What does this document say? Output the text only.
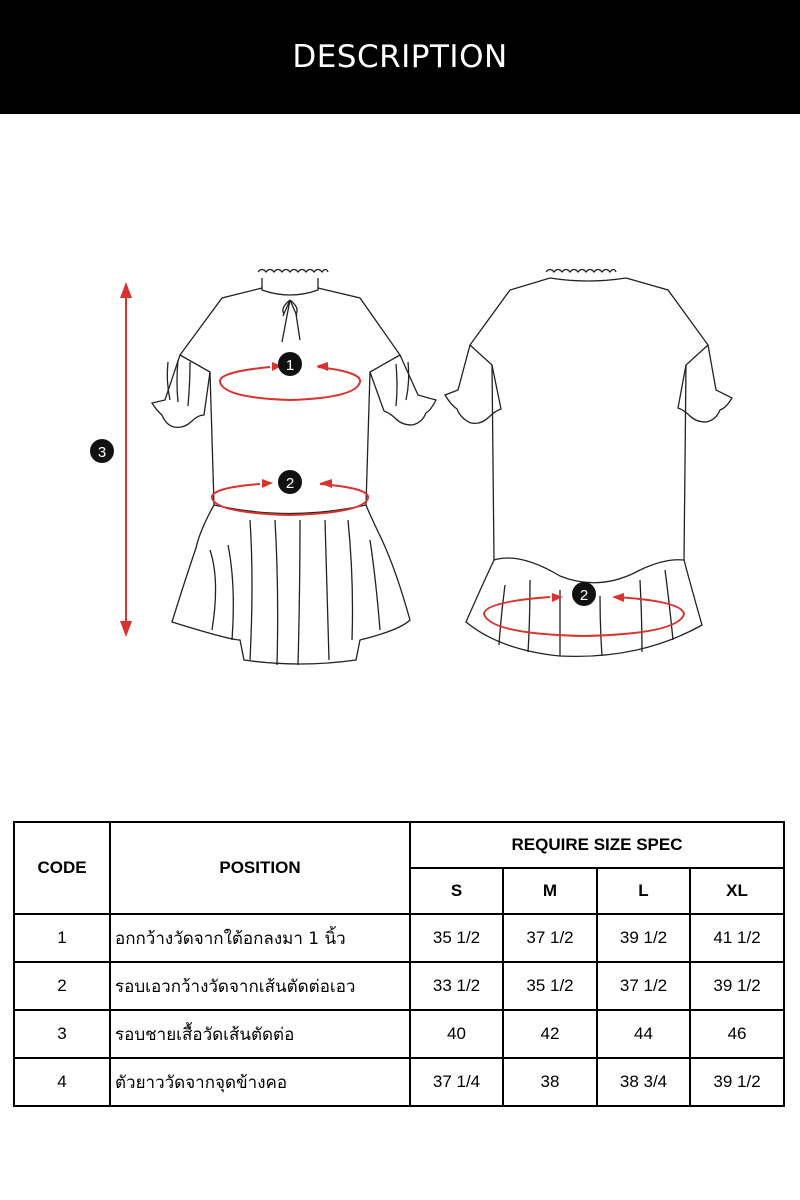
DESCRIPTION
1
2
2
3
CODE	POSITION	REQUIRE SIZE SPEC			
		S	M	L	XL
1	อกกว้างวัดจากใต้อกลงมา 1 นิ้ว	35 1/2	37 1/2	39 1/2	41 1/2
2	รอบเอวกว้างวัดจากเส้นตัดต่อเอว	33 1/2	35 1/2	37 1/2	39 1/2
3	รอบชายเสื้อวัดเส้นตัดต่อ	40	42	44	46
4	ตัวยาววัดจากจุดข้างคอ	37 1/4	38	38 3/4	39 1/2
